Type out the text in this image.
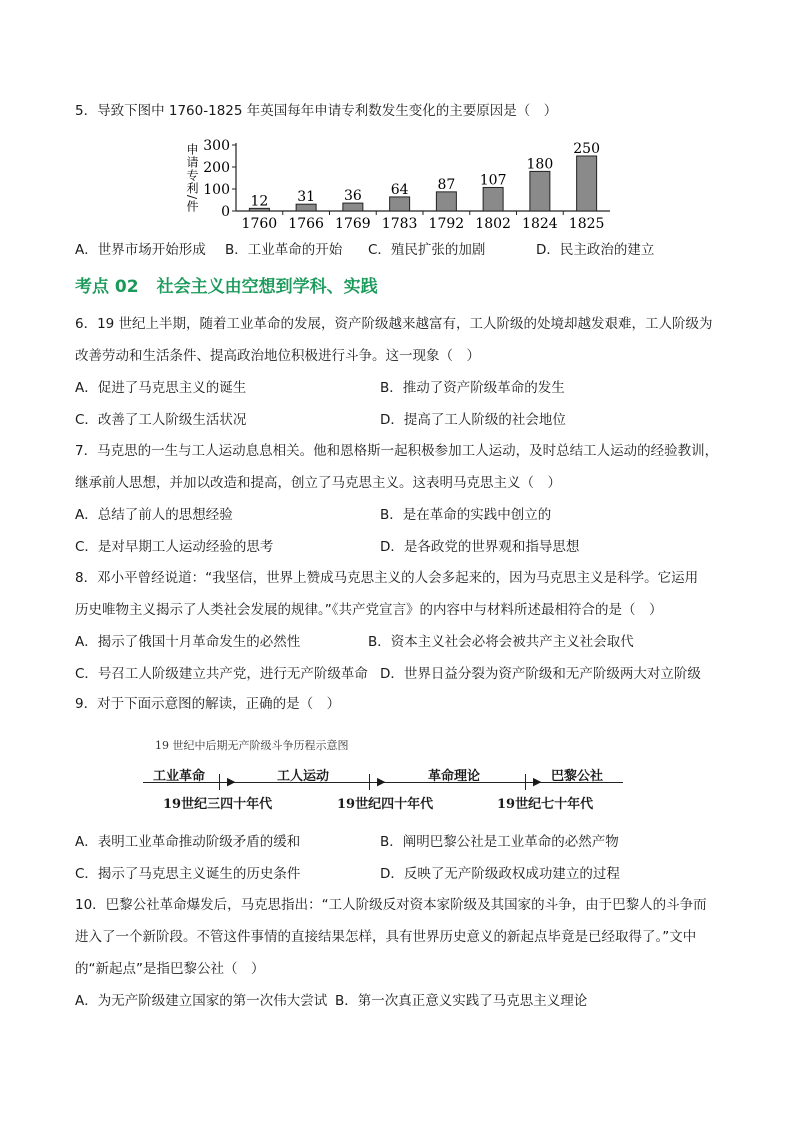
5．导致下图中 1760-1825 年英国每年申请专利数发生变化的主要原因是（　）
申请专利/件 0
100
200
300
12
1760
31
1766
36
1769
64
1783
87
1792
107
1802
180
1824
250
1825
A．世界市场开始形成 B．工业革命的开始 C．殖民扩张的加剧	D．民主政治的建立
考点 02 社会主义由空想到学科、实践
6．19 世纪上半期，随着工业革命的发展，资产阶级越来越富有，工人阶级的处境却越发艰难，工人阶级为
改善劳动和生活条件、提高政治地位积极进行斗争。这一现象（　）
A．促进了马克思主义的诞生	B．推动了资产阶级革命的发生
C．改善了工人阶级生活状况	D．提高了工人阶级的社会地位
7．马克思的一生与工人运动息息相关。他和恩格斯一起积极参加工人运动，及时总结工人运动的经验教训，
继承前人思想，并加以改造和提高，创立了马克思主义。这表明马克思主义（　）
A．总结了前人的思想经验	B．是在革命的实践中创立的
C．是对早期工人运动经验的思考	D．是各政党的世界观和指导思想
8．邓小平曾经说道：“我坚信，世界上赞成马克思主义的人会多起来的，因为马克思主义是科学。它运用
历史唯物主义揭示了人类社会发展的规律。”《共产党宣言》的内容中与材料所述最相符合的是（　）
A．揭示了俄国十月革命发生的必然性	B．资本主义社会必将会被共产主义社会取代
C．号召工人阶级建立共产党，进行无产阶级革命 D．世界日益分裂为资产阶级和无产阶级两大对立阶级
9．对于下面示意图的解读，正确的是（　）
19 世纪中后期无产阶级斗争历程示意图
工业革命 ▶	工人运动	▶	革命理论	▶ 巴黎公社
19世纪三四十年代	19世纪四十年代	19世纪七十年代
A．表明工业革命推动阶级矛盾的缓和	B．阐明巴黎公社是工业革命的必然产物
C．揭示了马克思主义诞生的历史条件	D．反映了无产阶级政权成功建立的过程
10．巴黎公社革命爆发后，马克思指出：“工人阶级反对资本家阶级及其国家的斗争，由于巴黎人的斗争而
进入了一个新阶段。不管这件事情的直接结果怎样，具有世界历史意义的新起点毕竟是已经取得了。”文中
的“新起点”是指巴黎公社（　）
A．为无产阶级建立国家的第一次伟大尝试 B．第一次真正意义实践了马克思主义理论
